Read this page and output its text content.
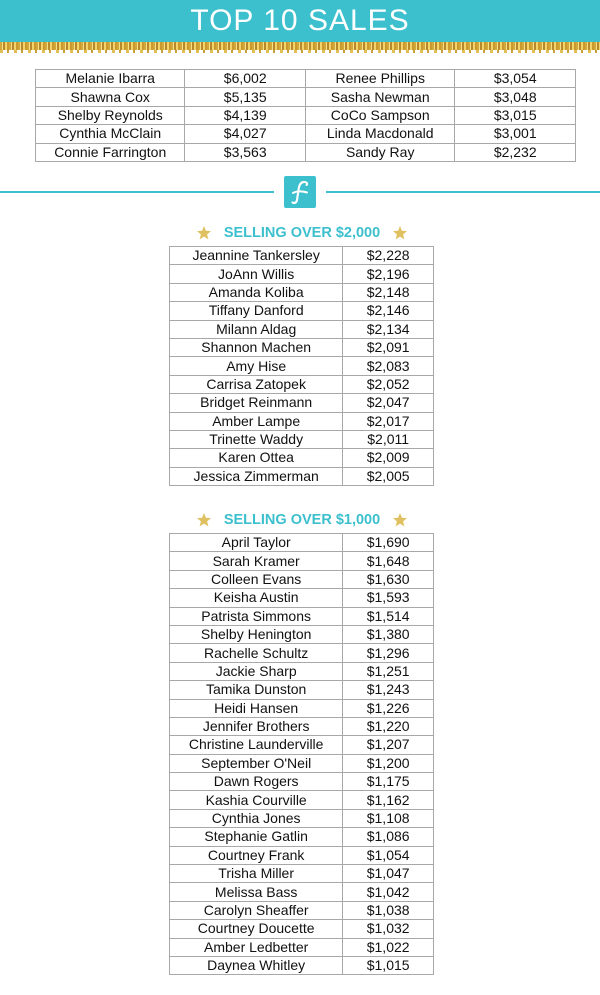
TOP 10 SALES
Melanie Ibarra	$6,002	Renee Phillips	$3,054
Shawna Cox	$5,135	Sasha Newman	$3,048
Shelby Reynolds	$4,139	CoCo Sampson	$3,015
Cynthia McClain	$4,027	Linda Macdonald	$3,001
Connie Farrington	$3,563	Sandy Ray	$2,232
SELLING OVER $2,000
Jeannine Tankersley	$2,228
JoAnn Willis	$2,196
Amanda Koliba	$2,148
Tiffany Danford	$2,146
Milann Aldag	$2,134
Shannon Machen	$2,091
Amy Hise	$2,083
Carrisa Zatopek	$2,052
Bridget Reinmann	$2,047
Amber Lampe	$2,017
Trinette Waddy	$2,011
Karen Ottea	$2,009
Jessica Zimmerman	$2,005
SELLING OVER $1,000
April Taylor	$1,690
Sarah Kramer	$1,648
Colleen Evans	$1,630
Keisha Austin	$1,593
Patrista Simmons	$1,514
Shelby Henington	$1,380
Rachelle Schultz	$1,296
Jackie Sharp	$1,251
Tamika Dunston	$1,243
Heidi Hansen	$1,226
Jennifer Brothers	$1,220
Christine Launderville	$1,207
September O'Neil	$1,200
Dawn Rogers	$1,175
Kashia Courville	$1,162
Cynthia Jones	$1,108
Stephanie Gatlin	$1,086
Courtney Frank	$1,054
Trisha Miller	$1,047
Melissa Bass	$1,042
Carolyn Sheaffer	$1,038
Courtney Doucette	$1,032
Amber Ledbetter	$1,022
Daynea Whitley	$1,015
